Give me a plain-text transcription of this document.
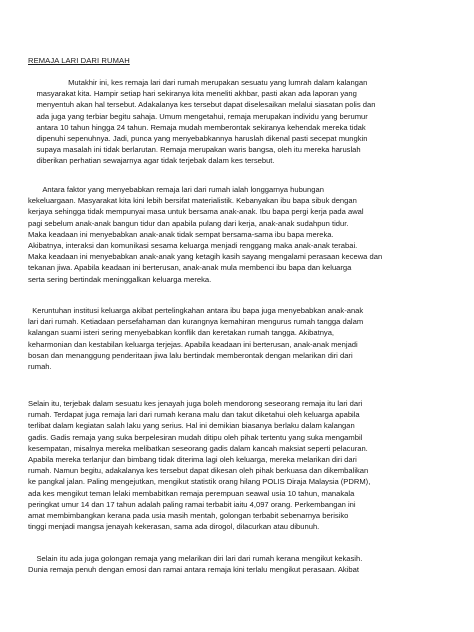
REMAJA LARI DARI RUMAH
Mutakhir ini, kes remaja lari dari rumah merupakan sesuatu yang lumrah dalam kalangan
masyarakat kita. Hampir setiap hari sekiranya kita meneliti akhbar, pasti akan ada laporan yang
menyentuh akan hal tersebut. Adakalanya kes tersebut dapat diselesaikan melalui siasatan polis dan
ada juga yang terbiar begitu sahaja. Umum mengetahui, remaja merupakan individu yang berumur
antara 10 tahun hingga 24 tahun. Remaja mudah memberontak sekiranya kehendak mereka tidak
dipenuhi sepenuhnya. Jadi, punca yang menyebabkannya haruslah dikenal pasti secepat mungkin
supaya masalah ini tidak berlarutan. Remaja merupakan waris bangsa, oleh itu mereka haruslah
diberikan perhatian sewajarnya agar tidak terjebak dalam kes tersebut.
Antara faktor yang menyebabkan remaja lari dari rumah ialah longgarnya hubungan
kekeluargaan. Masyarakat kita kini lebih bersifat materialistik. Kebanyakan ibu bapa sibuk dengan
kerjaya sehingga tidak mempunyai masa untuk bersama anak-anak. Ibu bapa pergi kerja pada awal
pagi sebelum anak-anak bangun tidur dan apabila pulang dari kerja, anak-anak sudahpun tidur.
Maka keadaan ini menyebabkan anak-anak tidak sempat bersama-sama ibu bapa mereka.
Akibatnya, interaksi dan komunikasi sesama keluarga menjadi renggang maka anak-anak terabai.
Maka keadaan ini menyebabkan anak-anak yang ketagih kasih sayang mengalami perasaan kecewa dan
tekanan jiwa. Apabila keadaan ini berterusan, anak-anak mula membenci ibu bapa dan keluarga
serta sering bertindak meninggalkan keluarga mereka.
Keruntuhan institusi keluarga akibat pertelingkahan antara ibu bapa juga menyebabkan anak-anak
lari dari rumah. Ketiadaan persefahaman dan kurangnya kemahiran mengurus rumah tangga dalam
kalangan suami isteri sering menyebabkan konflik dan keretakan rumah tangga. Akibatnya,
keharmonian dan kestabilan keluarga terjejas. Apabila keadaan ini berterusan, anak-anak menjadi
bosan dan menanggung penderitaan jiwa lalu bertindak memberontak dengan melarikan diri dari
rumah.
Selain itu, terjebak dalam sesuatu kes jenayah juga boleh mendorong seseorang remaja itu lari dari
rumah. Terdapat juga remaja lari dari rumah kerana malu dan takut diketahui oleh keluarga apabila
terlibat dalam kegiatan salah laku yang serius. Hal ini demikian biasanya berlaku dalam kalangan
gadis. Gadis remaja yang suka berpelesiran mudah ditipu oleh pihak tertentu yang suka mengambil
kesempatan, misalnya mereka melibatkan seseorang gadis dalam kancah maksiat seperti pelacuran.
Apabila mereka terlanjur dan bimbang tidak diterima lagi oleh keluarga, mereka melarikan diri dari
rumah. Namun begitu, adakalanya kes tersebut dapat dikesan oleh pihak berkuasa dan dikembalikan
ke pangkal jalan. Paling mengejutkan, mengikut statistik orang hilang POLIS Diraja Malaysia (PDRM),
ada kes mengikut teman lelaki membabitkan remaja perempuan seawal usia 10 tahun, manakala
peringkat umur 14 dan 17 tahun adalah paling ramai terbabit iaitu 4,097 orang. Perkembangan ini
amat membimbangkan kerana pada usia masih mentah, golongan terbabit sebenarnya berisiko
tinggi menjadi mangsa jenayah kekerasan, sama ada dirogol, dilacurkan atau dibunuh.
Selain itu ada juga golongan remaja yang melarikan diri lari dari rumah kerana mengikut kekasih.
Dunia remaja penuh dengan emosi dan ramai antara remaja kini terlalu mengikut perasaan. Akibat
